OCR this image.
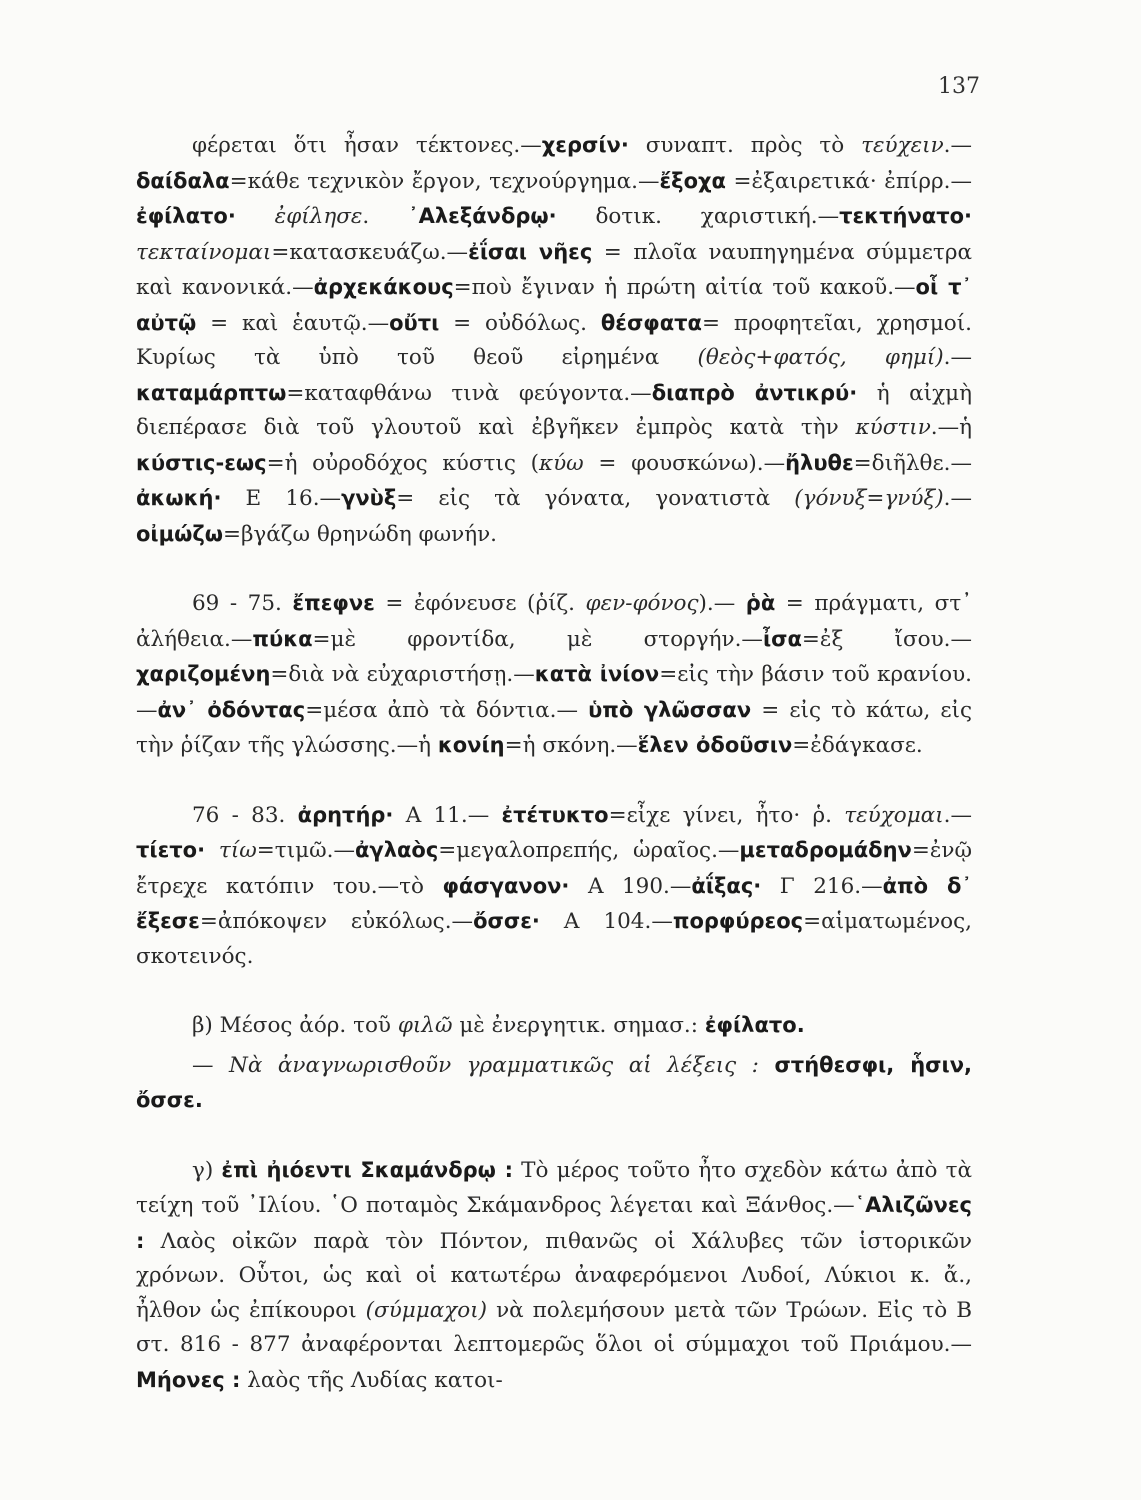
137

φέρεται ὅτι ἦσαν τέκτονες.—χερσίν· συναπτ. πρὸς τὸ τεύχειν.—δαίδαλα=κάθε τεχνικὸν ἔργον, τεχνούργημα.—ἔξοχα =ἐξαιρετικά· ἐπίρρ.—ἐφίλατο· ἐφίλησε. ᾿Αλεξάνδρῳ· δοτικ. χαριστική.—τεκτήνατο· τεκταίνομαι=κατασκευάζω.—ἐΐσαι νῆες = πλοῖα ναυπηγημένα σύμμετρα καὶ κανονικά.—ἀρχεκάκους=ποὺ ἔγιναν ἡ πρώτη αἰτία τοῦ κακοῦ.—οἷ τ᾿ αὐτῷ = καὶ ἑαυτῷ.—οὔτι = οὐδόλως. θέσφατα= προφητεῖαι, χρησμοί. Κυρίως τὰ ὑπὸ τοῦ θεοῦ εἰρημένα (θεὸς+φατός, φημί).—καταμάρπτω=καταφθάνω τινὰ φεύγοντα.—διαπρὸ ἀντικρύ· ἡ αἰχμὴ διεπέρασε διὰ τοῦ γλουτοῦ καὶ ἐβγῆκεν ἐμπρὸς κατὰ τὴν κύστιν.—ἡ κύστις-εως=ἡ οὐροδόχος κύστις (κύω = φουσκώνω).—ἤλυθε=διῆλθε.—ἀκωκή· Ε 16.—γνὺξ= εἰς τὰ γόνατα, γονατιστὰ (γόνυξ=γνύξ).—οἰμώζω=βγάζω θρηνώδη φωνήν.

69 - 75. ἔπεφνε = ἐφόνευσε (ῥίζ. φεν-φόνος).— ῥὰ = πράγματι, στ᾿ ἀλήθεια.—πύκα=μὲ φροντίδα, μὲ στοργήν.—ἶσα=ἐξ ἴσου.—χαριζομένη=διὰ νὰ εὐχαριστήσῃ.—κατὰ ἰνίον=εἰς τὴν βάσιν τοῦ κρανίου.—ἀν᾿ ὀδόντας=μέσα ἀπὸ τὰ δόντια.— ὑπὸ γλῶσσαν = εἰς τὸ κάτω, εἰς τὴν ῥίζαν τῆς γλώσσης.—ἡ κονίη=ἡ σκόνη.—ἕλεν ὀδοῦσιν=ἐδάγκασε.

76 - 83. ἀρητήρ· Α 11.— ἐτέτυκτο=εἶχε γίνει, ἦτο· ῥ. τεύχομαι.—τίετο· τίω=τιμῶ.—ἀγλαὸς=μεγαλοπρεπής, ὡραῖος.—μεταδρομάδην=ἐνῷ ἔτρεχε κατόπιν του.—τὸ φάσγανον· Α 190.—ἀΐξας· Γ 216.—ἀπὸ δ᾿ ἔξεσε=ἀπόκοψεν εὐκόλως.—ὄσσε· Α 104.—πορφύρεος=αἱματωμένος, σκοτεινός.

β) Μέσος ἀόρ. τοῦ φιλῶ μὲ ἐνεργητικ. σημασ.: ἐφίλατο.

— Νὰ ἀναγνωρισθοῦν γραμματικῶς αἱ λέξεις : στήθεσφι, ἧσιν, ὄσσε.

γ) ἐπὶ ἠιόεντι Σκαμάνδρῳ : Τὸ μέρος τοῦτο ἦτο σχεδὸν κάτω ἀπὸ τὰ τείχη τοῦ ᾿Ιλίου. ῾Ο ποταμὸς Σκάμανδρος λέγεται καὶ Ξάνθος.—῾Αλιζῶνες : Λαὸς οἰκῶν παρὰ τὸν Πόντον, πιθανῶς οἱ Χάλυβες τῶν ἱστορικῶν χρόνων. Οὗτοι, ὡς καὶ οἱ κατωτέρω ἀναφερόμενοι Λυδοί, Λύκιοι κ. ἄ., ἦλθον ὡς ἐπίκουροι (σύμμαχοι) νὰ πολεμήσουν μετὰ τῶν Τρώων. Εἰς τὸ Β στ. 816 - 877 ἀναφέρονται λεπτομερῶς ὅλοι οἱ σύμμαχοι τοῦ Πριάμου.— Μήονες : λαὸς τῆς Λυδίας κατοι-
